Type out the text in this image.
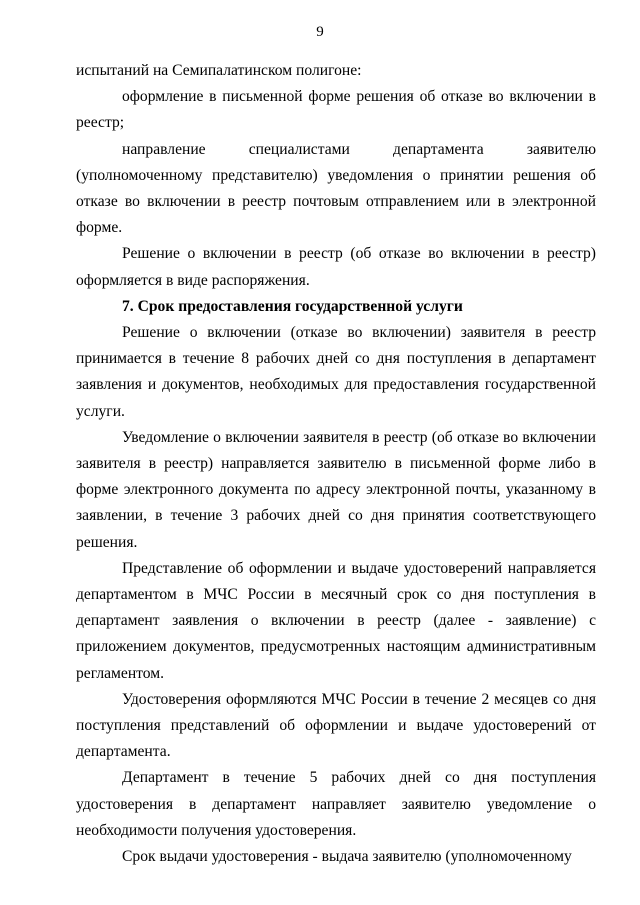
9

испытаний на Семипалатинском полигоне:

оформление в письменной форме решения об отказе во включении в реестр;

направление специалистами департамента заявителю (уполномоченному представителю) уведомления о принятии решения об отказе во включении в реестр почтовым отправлением или в электронной форме.

Решение о включении в реестр (об отказе во включении в реестр) оформляется в виде распоряжения.

7. Срок предоставления государственной услуги

Решение о включении (отказе во включении) заявителя в реестр принимается в течение 8 рабочих дней со дня поступления в департамент заявления и документов, необходимых для предоставления государственной услуги.

Уведомление о включении заявителя в реестр (об отказе во включении заявителя в реестр) направляется заявителю в письменной форме либо в форме электронного документа по адресу электронной почты, указанному в заявлении, в течение 3 рабочих дней со дня принятия соответствующего решения.

Представление об оформлении и выдаче удостоверений направляется департаментом в МЧС России в месячный срок со дня поступления в департамент заявления о включении в реестр (далее - заявление) с приложением документов, предусмотренных настоящим административным регламентом.

Удостоверения оформляются МЧС России в течение 2 месяцев со дня поступления представлений об оформлении и выдаче удостоверений от департамента.

Департамент в течение 5 рабочих дней со дня поступления удостоверения в департамент направляет заявителю уведомление о необходимости получения удостоверения.

Срок выдачи удостоверения - выдача заявителю (уполномоченному
